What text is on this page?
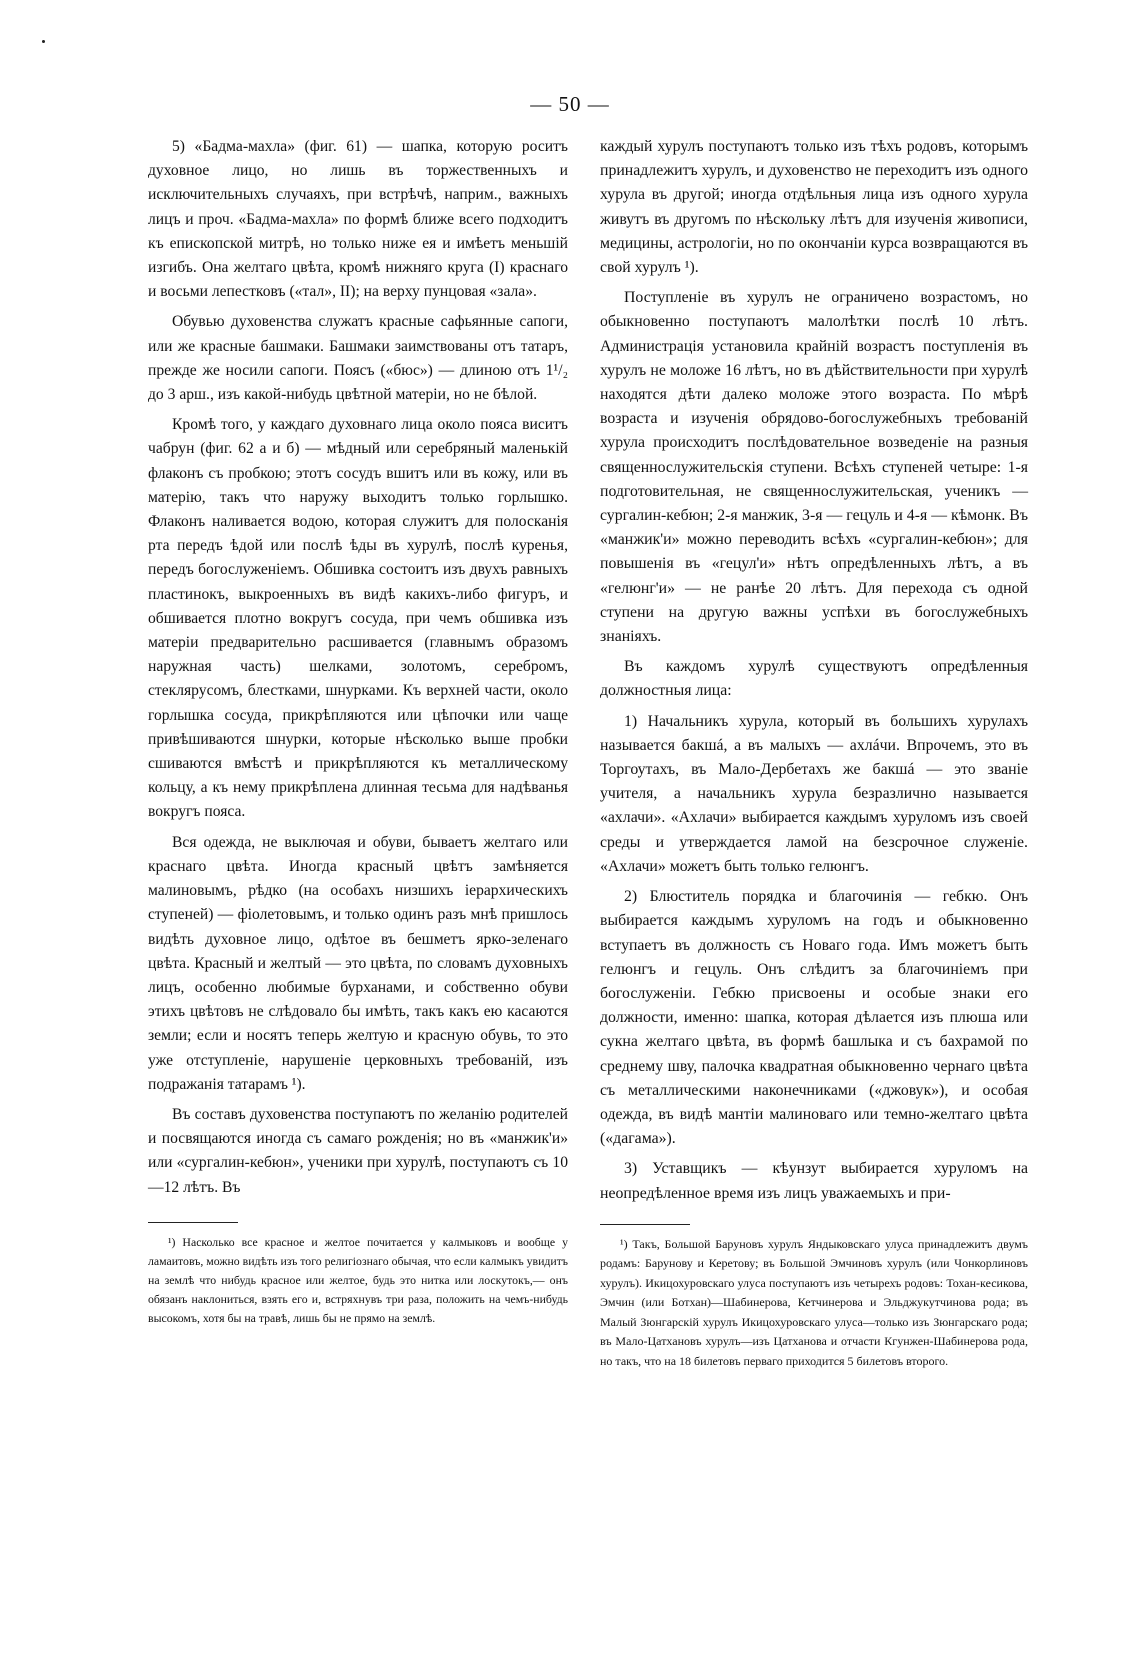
— 50 —

5) «Бадма-махла» (фиг. 61) — шапка, которую роситъ духовное лицо, но лишь въ торжественныхъ и исключительныхъ случаяхъ, при встрѣчѣ, наприм., важныхъ лицъ и проч. «Бадма-махла» по формѣ ближе всего подходитъ къ епископской митрѣ, но только ниже ея и имѣетъ меньшій изгибъ. Она желтаго цвѣта, кромѣ нижняго круга (I) краснаго и восьми лепестковъ («тал», II); на верху пунцовая «зала».

Обувью духовенства служатъ красные сафьянные сапоги, или же красные башмаки. Башмаки заимствованы отъ татаръ, прежде же носили сапоги. Поясъ («бюс») — длиною отъ 1¹/₂ до 3 арш., изъ какой-нибудь цвѣтной матеріи, но не бѣлой.

Кромѣ того, у каждаго духовнаго лица около пояса виситъ чабрун (фиг. 62 а и б) — мѣдный или серебряный маленькій флаконъ съ пробкою; этотъ сосудъ вшитъ или въ кожу, или въ матерію, такъ что наружу выходитъ только горлышко. Флаконъ наливается водою, которая служитъ для полосканія рта передъ ѣдой или послѣ ѣды въ хурулѣ, послѣ куренья, передъ богослуженіемъ. Обшивка состоитъ изъ двухъ равныхъ пластинокъ, выкроенныхъ въ видѣ какихъ-либо фигуръ, и обшивается плотно вокругъ сосуда, при чемъ обшивка изъ матеріи предварительно расшивается (главнымъ образомъ наружная часть) шелками, золотомъ, серебромъ, стеклярусомъ, блестками, шнурками. Къ верхней части, около горлышка сосуда, прикрѣпляются или цѣпочки или чаще привѣшиваются шнурки, которые нѣсколько выше пробки сшиваются вмѣстѣ и прикрѣпляются къ металлическому кольцу, а къ нему прикрѣплена длинная тесьма для надѣванья вокругъ пояса.

Вся одежда, не выключая и обуви, бываетъ желтаго или краснаго цвѣта. Иногда красный цвѣтъ замѣняется малиновымъ, рѣдко (на особахъ низшихъ іерархическихъ ступеней) — фіолетовымъ, и только одинъ разъ мнѣ пришлось видѣть духовное лицо, одѣтое въ бешметъ ярко-зеленаго цвѣта. Красный и желтый — это цвѣта, по словамъ духовныхъ лицъ, особенно любимые бурханами, и собственно обуви этихъ цвѣтовъ не слѣдовало бы имѣть, такъ какъ ею касаются земли; если и носятъ теперь желтую и красную обувь, то это уже отступленіе, нарушеніе церковныхъ требованій, изъ подражанія татарамъ ¹).

Въ составъ духовенства поступаютъ по желанію родителей и посвящаются иногда съ самаго рожденія; но въ «манжик'и» или «сургалин-кебюн», ученики при хурулѣ, поступаютъ съ 10—12 лѣтъ. Въ

¹) Насколько все красное и желтое почитается у калмыковъ и вообще у ламаитовъ, можно видѣть изъ того религіознаго обычая, что если калмыкъ увидитъ на землѣ что нибудь красное или желтое, будь это нитка или лоскутокъ,— онъ обязанъ наклониться, взять его и, встряхнувъ три раза, положить на чемъ-нибудь высокомъ, хотя бы на травѣ, лишь бы не прямо на землѣ.

каждый хурулъ поступаютъ только изъ тѣхъ родовъ, которымъ принадлежитъ хурулъ, и духовенство не переходитъ изъ одного хурула въ другой; иногда отдѣльныя лица изъ одного хурула живутъ въ другомъ по нѣскольку лѣтъ для изученія живописи, медицины, астрологіи, но по окончаніи курса возвращаются въ свой хурулъ ¹).

Поступленіе въ хурулъ не ограничено возрастомъ, но обыкновенно поступаютъ малолѣтки послѣ 10 лѣтъ. Администрація установила крайній возрастъ поступленія въ хурулъ не моложе 16 лѣтъ, но въ дѣйствительности при хурулѣ находятся дѣти далеко моложе этого возраста. По мѣрѣ возраста и изученія обрядово-богослужебныхъ требованій хурула происходитъ послѣдовательное возведеніе на разныя священнослужительскія ступени. Всѣхъ ступеней четыре: 1-я подготовительная, не священнослужительская, ученикъ — сургалин-кебюн; 2-я манжик, 3-я — гецуль и 4-я — кѣмонк. Въ «манжик'и» можно переводить всѣхъ «сургалин-кебюн»; для повышенія въ «гецул'и» нѣтъ опредѣленныхъ лѣтъ, а въ «гелюнг'и» — не ранѣе 20 лѣтъ. Для перехода съ одной ступени на другую важны успѣхи въ богослужебныхъ знаніяхъ.

Въ каждомъ хурулѣ существуютъ опредѣленныя должностныя лица:

1) Начальникъ хурула, который въ большихъ хурулахъ называется бакшá, а въ малыхъ — ахлáчи. Впрочемъ, это въ Торгоутахъ, въ Мало-Дербетахъ же бакшá — это званіе учителя, а начальникъ хурула безразлично называется «ахлачи». «Ахлачи» выбирается каждымъ хуруломъ изъ своей среды и утверждается ламой на безсрочное служеніе. «Ахлачи» можетъ быть только гелюнгъ.

2) Блюститель порядка и благочинія — гебкю. Онъ выбирается каждымъ хуруломъ на годъ и обыкновенно вступаетъ въ должность съ Новаго года. Имъ можетъ быть гелюнгъ и гецуль. Онъ слѣдитъ за благочиніемъ при богослуженіи. Гебкю присвоены и особые знаки его должности, именно: шапка, которая дѣлается изъ плюша или сукна желтаго цвѣта, въ формѣ башлыка и съ бахрамой по среднему шву, палочка квадратная обыкновенно чернаго цвѣта съ металлическими наконечниками («джовук»), и особая одежда, въ видѣ мантіи малиноваго или темно-желтаго цвѣта («дагама»).

3) Уставщикъ — кѣунзут выбирается хуруломъ на неопредѣленное время изъ лицъ уважаемыхъ и при-

¹) Такъ, Большой Баруновъ хурулъ Яндыковскаго улуса принадлежитъ двумъ родамъ: Барунову и Керетову; въ Большой Эмчиновъ хурулъ (или Чонкорлиновъ хурулъ). Икицохуровскаго улуса поступаютъ изъ четырехъ родовъ: Тохан-кесикова, Эмчин (или Ботхан)—Шабинерова, Кетчинерова и Эльджукутчинова рода; въ Малый Зюнгарскій хурулъ Икицохуровскаго улуса—только изъ Зюнгарскаго рода; въ Мало-Цатхановъ хурулъ—изъ Цатханова и отчасти Кгунжен-Шабинерова рода, но такъ, что на 18 билетовъ перваго приходится 5 билетовъ второго.
